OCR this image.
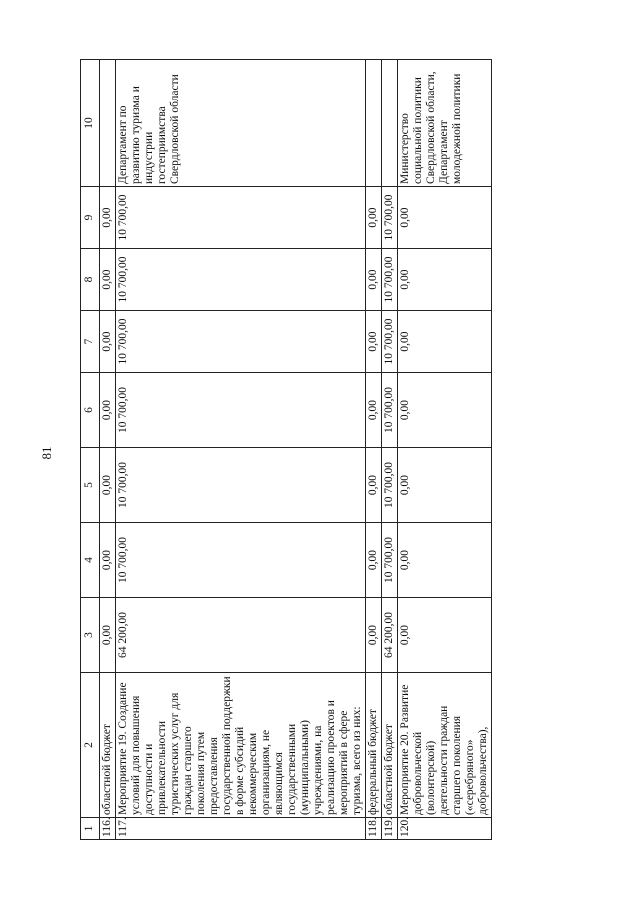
81
1	2	3	4	5	6	7	8	9	10
116.	областной бюджет	0,00	0,00	0,00	0,00	0,00	0,00	0,00	
117.	Мероприятие 19. Создание условий для повышения доступности и привлекательности туристических услуг для граждан старшего поколения путем предоставления государственной поддержки в форме субсидий некоммерческим организациям, не являющимся государственными (муниципальными) учреждениями, на реализацию проектов и мероприятий в сфере туризма, всего из них:	64 200,00	10 700,00	10 700,00	10 700,00	10 700,00	10 700,00	10 700,00	Департамент по развитию туризма и индустрии гостеприимства Свердловской области
118.	федеральный бюджет	0,00	0,00	0,00	0,00	0,00	0,00	0,00	
119.	областной бюджет	64 200,00	10 700,00	10 700,00	10 700,00	10 700,00	10 700,00	10 700,00	
120.	Мероприятие 20. Развитие добровольческой (волонтерской) деятельности граждан старшего поколения («серебряного» добровольчества),	0,00	0,00	0,00	0,00	0,00	0,00	0,00	Министерство социальной политики Свердловской области, Департамент молодежной политики
